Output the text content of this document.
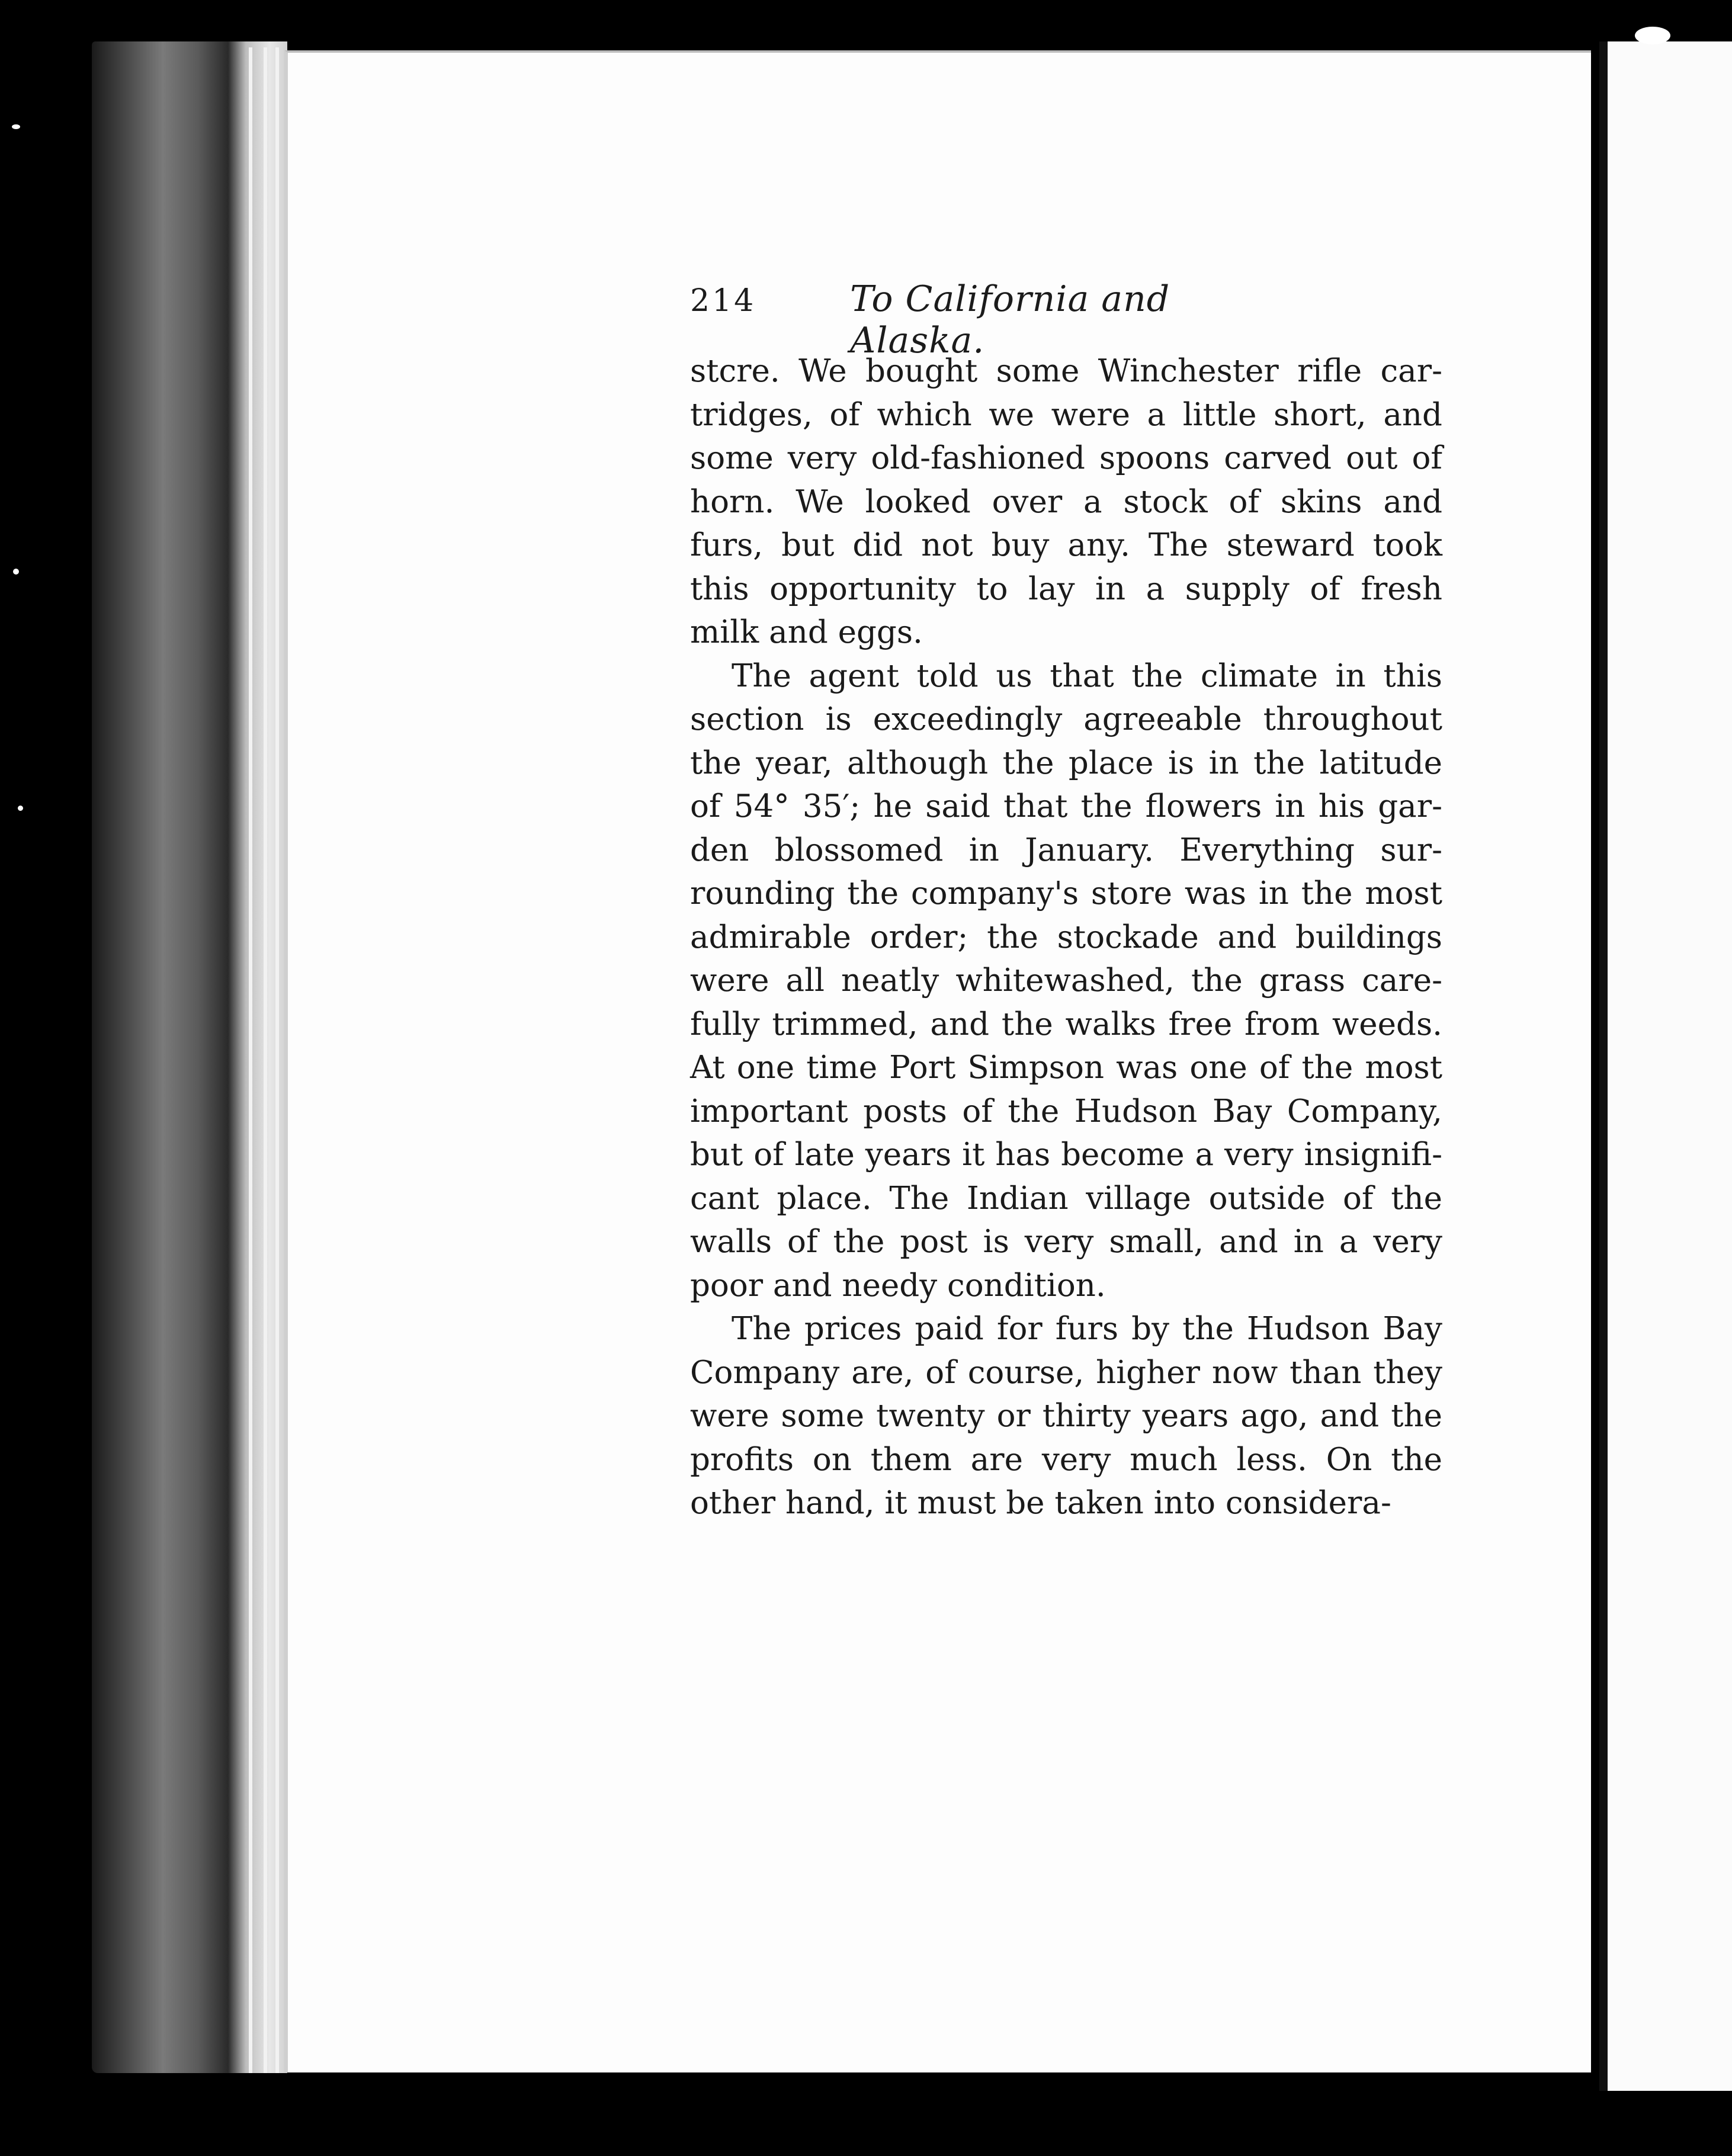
214	To California and Alaska.
stcre. We bought some Winchester rifle car-
tridges, of which we were a little short, and
some very old-fashioned spoons carved out of
horn. We looked over a stock of skins and
furs, but did not buy any. The steward took
this opportunity to lay in a supply of fresh
milk and eggs.
The agent told us that the climate in this
section is exceedingly agreeable throughout
the year, although the place is in the latitude
of 54° 35′; he said that the flowers in his gar-
den blossomed in January. Everything sur-
rounding the company's store was in the most
admirable order; the stockade and buildings
were all neatly whitewashed, the grass care-
fully trimmed, and the walks free from weeds.
At one time Port Simpson was one of the most
important posts of the Hudson Bay Company,
but of late years it has become a very insignifi-
cant place. The Indian village outside of the
walls of the post is very small, and in a very
poor and needy condition.
The prices paid for furs by the Hudson Bay
Company are, of course, higher now than they
were some twenty or thirty years ago, and the
profits on them are very much less. On the
other hand, it must be taken into considera-
